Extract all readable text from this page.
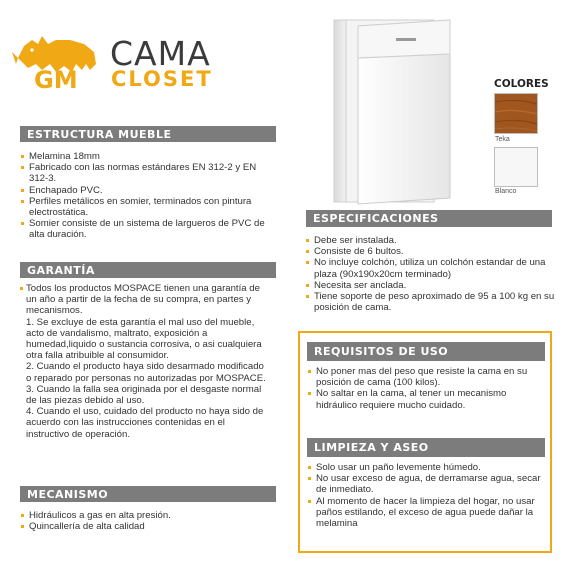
GM
CAMA
CLOSET	COLORES
Teka
Blanco
ESTRUCTURA MUEBLE
Melamina 18mm
Fabricado con las normas estándares EN 312-2 y EN 312-3.
Enchapado PVC.
Perfiles metálicos en somier, terminados con pintura electrostática.
Somier consiste de un sistema de largueros de PVC de alta duración.
GARANTÍA

Todos los productos MOSPACE tienen una garantía de un año a partir de la fecha de su compra, en partes y mecanismos.

1. Se excluye de esta garantía el mal uso del mueble, acto de vandalismo, maltrato, exposición a humedad,liquido o sustancia corrosiva, o asi cualquiera otra falla atribuible al consumidor.

2. Cuando el producto haya sido desarmado modificado o reparado por personas no autorizadas por MOSPACE.

3. Cuando la falla sea originada por el desgaste normal de las piezas debido al uso.

4. Cuando el uso, cuidado del producto no haya sido de acuerdo con las instrucciones contenidas en el instructivo de operación.

MECANISMO
Hidráulicos a gas en alta presión.
Quincallería de alta calidad
ESPECIFICACIONES
Debe ser instalada.
Consiste de 6 bultos.
No incluye colchón, utiliza un colchón estandar de una plaza (90x190x20cm terminado)
Necesita ser anclada.
Tiene soporte de peso aproximado de 95 a 100 kg en su posición de cama.
REQUISITOS DE USO
No poner mas del peso que resiste la cama en su posición de cama (100 kilos).
No saltar en la cama, al tener un mecanismo hidráulico requiere mucho cuidado.
LIMPIEZA Y ASEO
Solo usar un paño levemente húmedo.
No usar exceso de agua, de derramarse agua, secar de inmediato.
Al momento de hacer la limpieza del hogar, no usar paños estilando, el exceso de agua puede dañar la melamina
